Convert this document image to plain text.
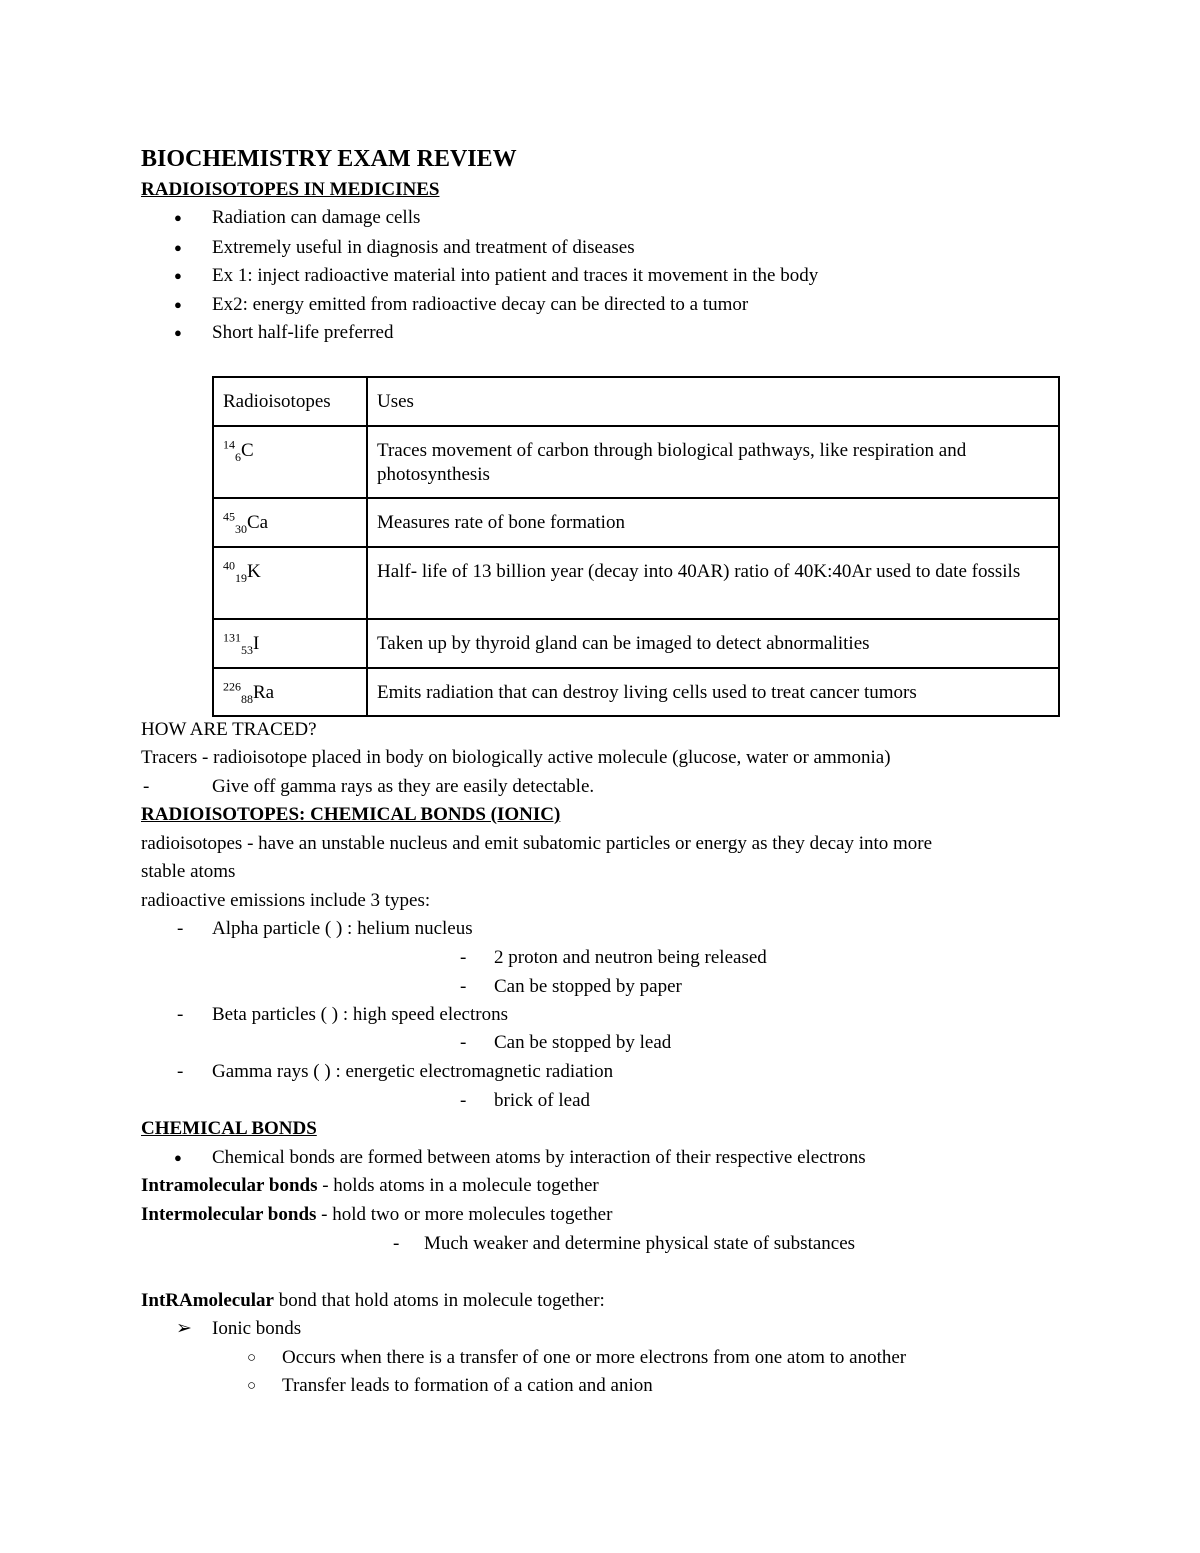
BIOCHEMISTRY EXAM REVIEW
RADIOISOTOPES IN MEDICINES
● Radiation can damage cells
● Extremely useful in diagnosis and treatment of diseases
● Ex 1: inject radioactive material into patient and traces it movement in the body
● Ex2: energy emitted from radioactive decay can be directed to a tumor
● Short half-life preferred
Radioisotopes	Uses
$^{14}_6$C	Traces movement of carbon through biological pathways, like respiration and photosynthesis
$^{45}_{30}$Ca	Measures rate of bone formation
$^{40}_{19}$K	Half- life of 13 billion year (decay into 40AR) ratio of 40K:40Ar used to date fossils
$^{131}_{53}$I	Taken up by thyroid gland can be imaged to detect abnormalities
$^{226}_{88}$Ra	Emits radiation that can destroy living cells used to treat cancer tumors
HOW ARE TRACED?
Tracers - radioisotope placed in body on biologically active molecule (glucose, water or ammonia)
-	Give off gamma rays as they are easily detectable.
RADIOISOTOPES: CHEMICAL BONDS (IONIC)
radioisotopes - have an unstable nucleus and emit subatomic particles or energy as they decay into more
stable atoms
radioactive emissions include 3 types:
- Alpha particle ( ) : helium nucleus
- 2 proton and neutron being released
- Can be stopped by paper
- Beta particles ( ) : high speed electrons
- Can be stopped by lead
- Gamma rays ( ) : energetic electromagnetic radiation
- brick of lead
CHEMICAL BONDS
● Chemical bonds are formed between atoms by interaction of their respective electrons
Intramolecular bonds - holds atoms in a molecule together
Intermolecular bonds - hold two or more molecules together
- Much weaker and determine physical state of substances
IntRAmolecular bond that hold atoms in molecule together:
➢ Ionic bonds
○ Occurs when there is a transfer of one or more electrons from one atom to another
○ Transfer leads to formation of a cation and anion
